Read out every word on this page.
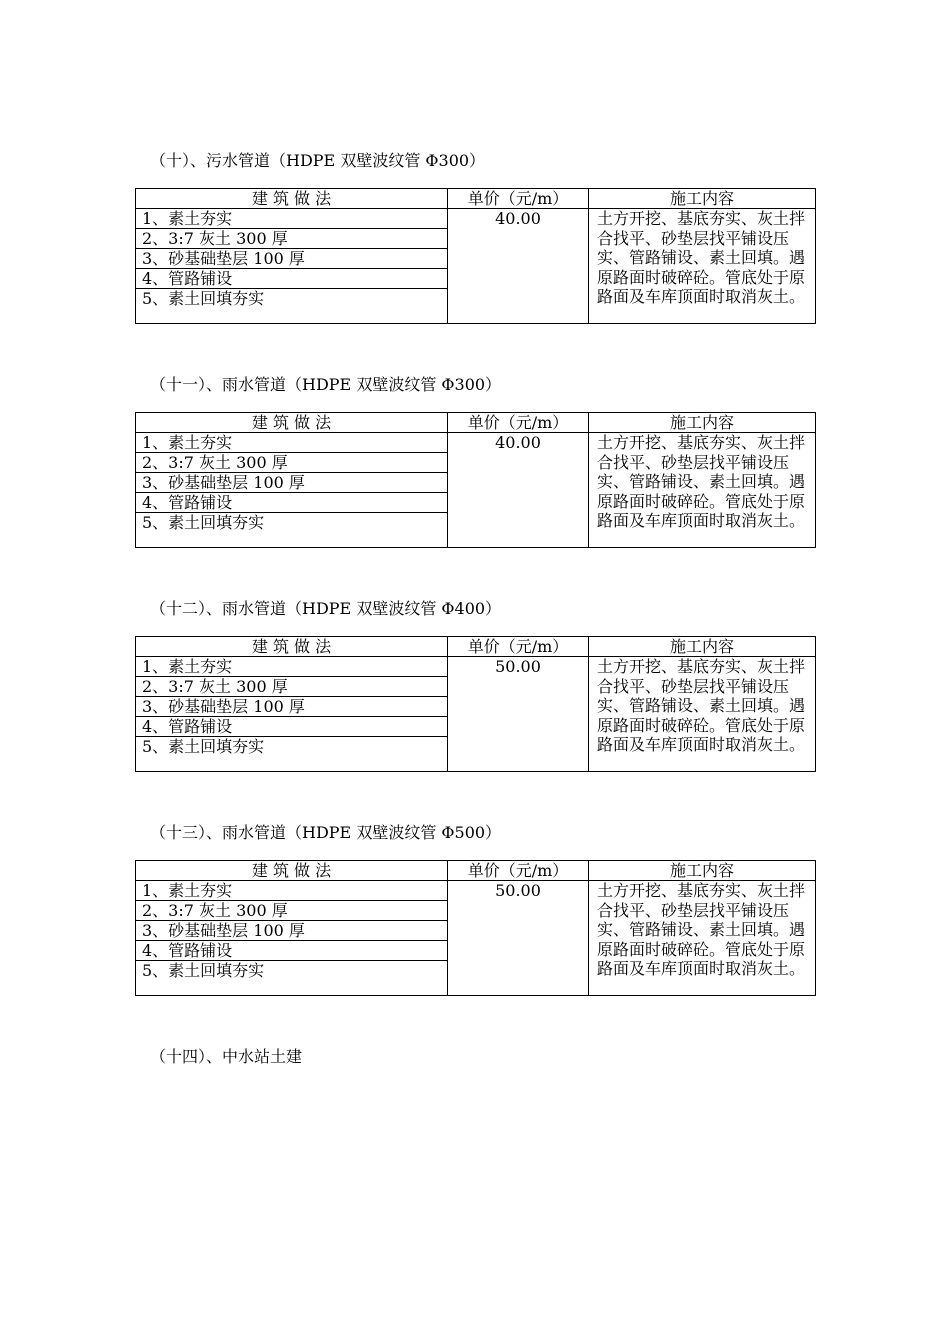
（十）、污水管道（HDPE 双壁波纹管 Φ300）
建 筑 做 法	单价（元/m）	施工内容
1、素土夯实	40.00	土方开挖、基底夯实、灰土拌合找平、砂垫层找平铺设压实、管路铺设、素土回填。遇原路面时破碎砼。管底处于原路面及车库顶面时取消灰土。
2、3:7 灰土 300 厚		
3、砂基础垫层 100 厚		
4、管路铺设		
5、素土回填夯实		
（十一）、雨水管道（HDPE 双壁波纹管 Φ300）
建 筑 做 法	单价（元/m）	施工内容
1、素土夯实	40.00	土方开挖、基底夯实、灰土拌合找平、砂垫层找平铺设压实、管路铺设、素土回填。遇原路面时破碎砼。管底处于原路面及车库顶面时取消灰土。
2、3:7 灰土 300 厚		
3、砂基础垫层 100 厚		
4、管路铺设		
5、素土回填夯实		
（十二）、雨水管道（HDPE 双壁波纹管 Φ400）
建 筑 做 法	单价（元/m）	施工内容
1、素土夯实	50.00	土方开挖、基底夯实、灰土拌合找平、砂垫层找平铺设压实、管路铺设、素土回填。遇原路面时破碎砼。管底处于原路面及车库顶面时取消灰土。
2、3:7 灰土 300 厚		
3、砂基础垫层 100 厚		
4、管路铺设		
5、素土回填夯实		
（十三）、雨水管道（HDPE 双壁波纹管 Φ500）
建 筑 做 法	单价（元/m）	施工内容
1、素土夯实	50.00	土方开挖、基底夯实、灰土拌合找平、砂垫层找平铺设压实、管路铺设、素土回填。遇原路面时破碎砼。管底处于原路面及车库顶面时取消灰土。
2、3:7 灰土 300 厚		
3、砂基础垫层 100 厚		
4、管路铺设		
5、素土回填夯实		
（十四）、中水站土建
